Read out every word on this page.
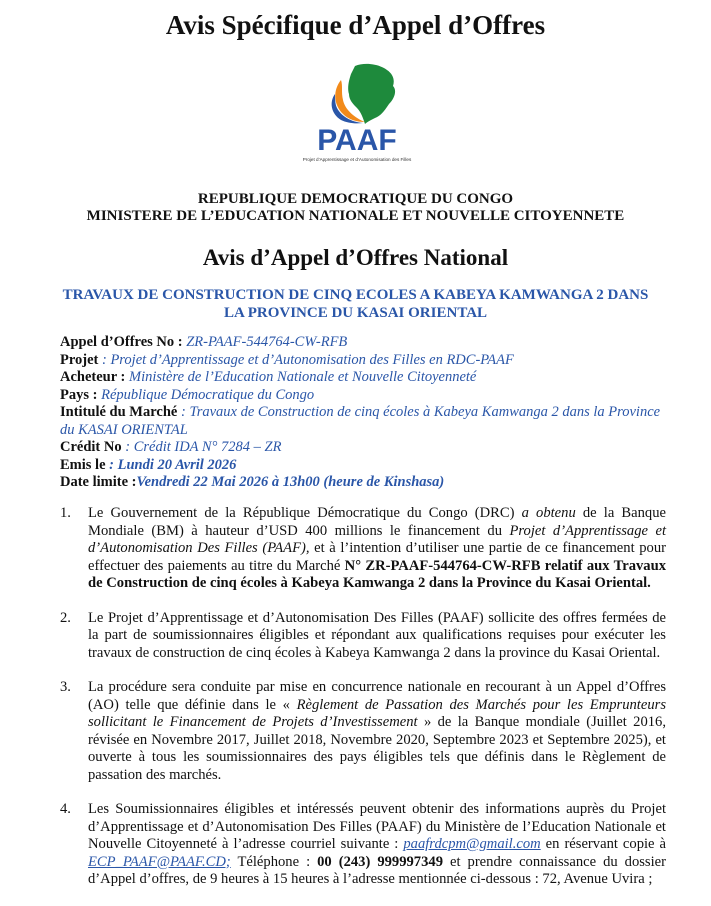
Avis Spécifique d’Appel d’Offres
PAAF
Projet d’Apprentissage et d’Autonomisation des Filles
REPUBLIQUE DEMOCRATIQUE DU CONGO
MINISTERE DE L’EDUCATION NATIONALE ET NOUVELLE CITOYENNETE
Avis d’Appel d’Offres National
TRAVAUX DE CONSTRUCTION DE CINQ ECOLES A KABEYA KAMWANGA 2 DANS
LA PROVINCE DU KASAI ORIENTAL
Appel d’Offres No : ZR-PAAF-544764-CW-RFB
Projet : Projet d’Apprentissage et d’Autonomisation des Filles en RDC-PAAF
Acheteur : Ministère de l’Education Nationale et Nouvelle Citoyenneté
Pays : République Démocratique du Congo
Intitulé du Marché : Travaux de Construction de cinq écoles à Kabeya Kamwanga 2 dans la Province du KASAI ORIENTAL
Crédit No : Crédit IDA N° 7284 – ZR
Emis le : Lundi 20 Avril 2026
Date limite :Vendredi 22 Mai 2026 à 13h00 (heure de Kinshasa)
1. Le Gouvernement de la République Démocratique du Congo (DRC) a obtenu de la Banque Mondiale (BM) à hauteur d’USD 400 millions le financement du Projet d’Apprentissage et d’Autonomisation Des Filles (PAAF), et à l’intention d’utiliser une partie de ce financement pour effectuer des paiements au titre du Marché N° ZR-PAAF-544764-CW-RFB relatif aux Travaux de Construction de cinq écoles à Kabeya Kamwanga 2 dans la Province du Kasai Oriental.
2. Le Projet d’Apprentissage et d’Autonomisation Des Filles (PAAF) sollicite des offres fermées de la part de soumissionnaires éligibles et répondant aux qualifications requises pour exécuter les travaux de construction de cinq écoles à Kabeya Kamwanga 2 dans la province du Kasai Oriental.
3. La procédure sera conduite par mise en concurrence nationale en recourant à un Appel d’Offres (AO) telle que définie dans le « Règlement de Passation des Marchés pour les Emprunteurs sollicitant le Financement de Projets d’Investissement » de la Banque mondiale (Juillet 2016, révisée en Novembre 2017, Juillet 2018, Novembre 2020, Septembre 2023 et Septembre 2025), et ouverte à tous les soumissionnaires des pays éligibles tels que définis dans le Règlement de passation des marchés.
4. Les Soumissionnaires éligibles et intéressés peuvent obtenir des informations auprès du Projet d’Apprentissage et d’Autonomisation Des Filles (PAAF) du Ministère de l’Education Nationale et Nouvelle Citoyenneté à l’adresse courriel suivante : paafrdcpm@gmail.com en réservant copie à ECP_PAAF@PAAF.CD; Téléphone : 00 (243) 999997349 et prendre connaissance du dossier d’Appel d’offres, de 9 heures à 15 heures à l’adresse mentionnée ci-dessous : 72, Avenue Uvira ;
